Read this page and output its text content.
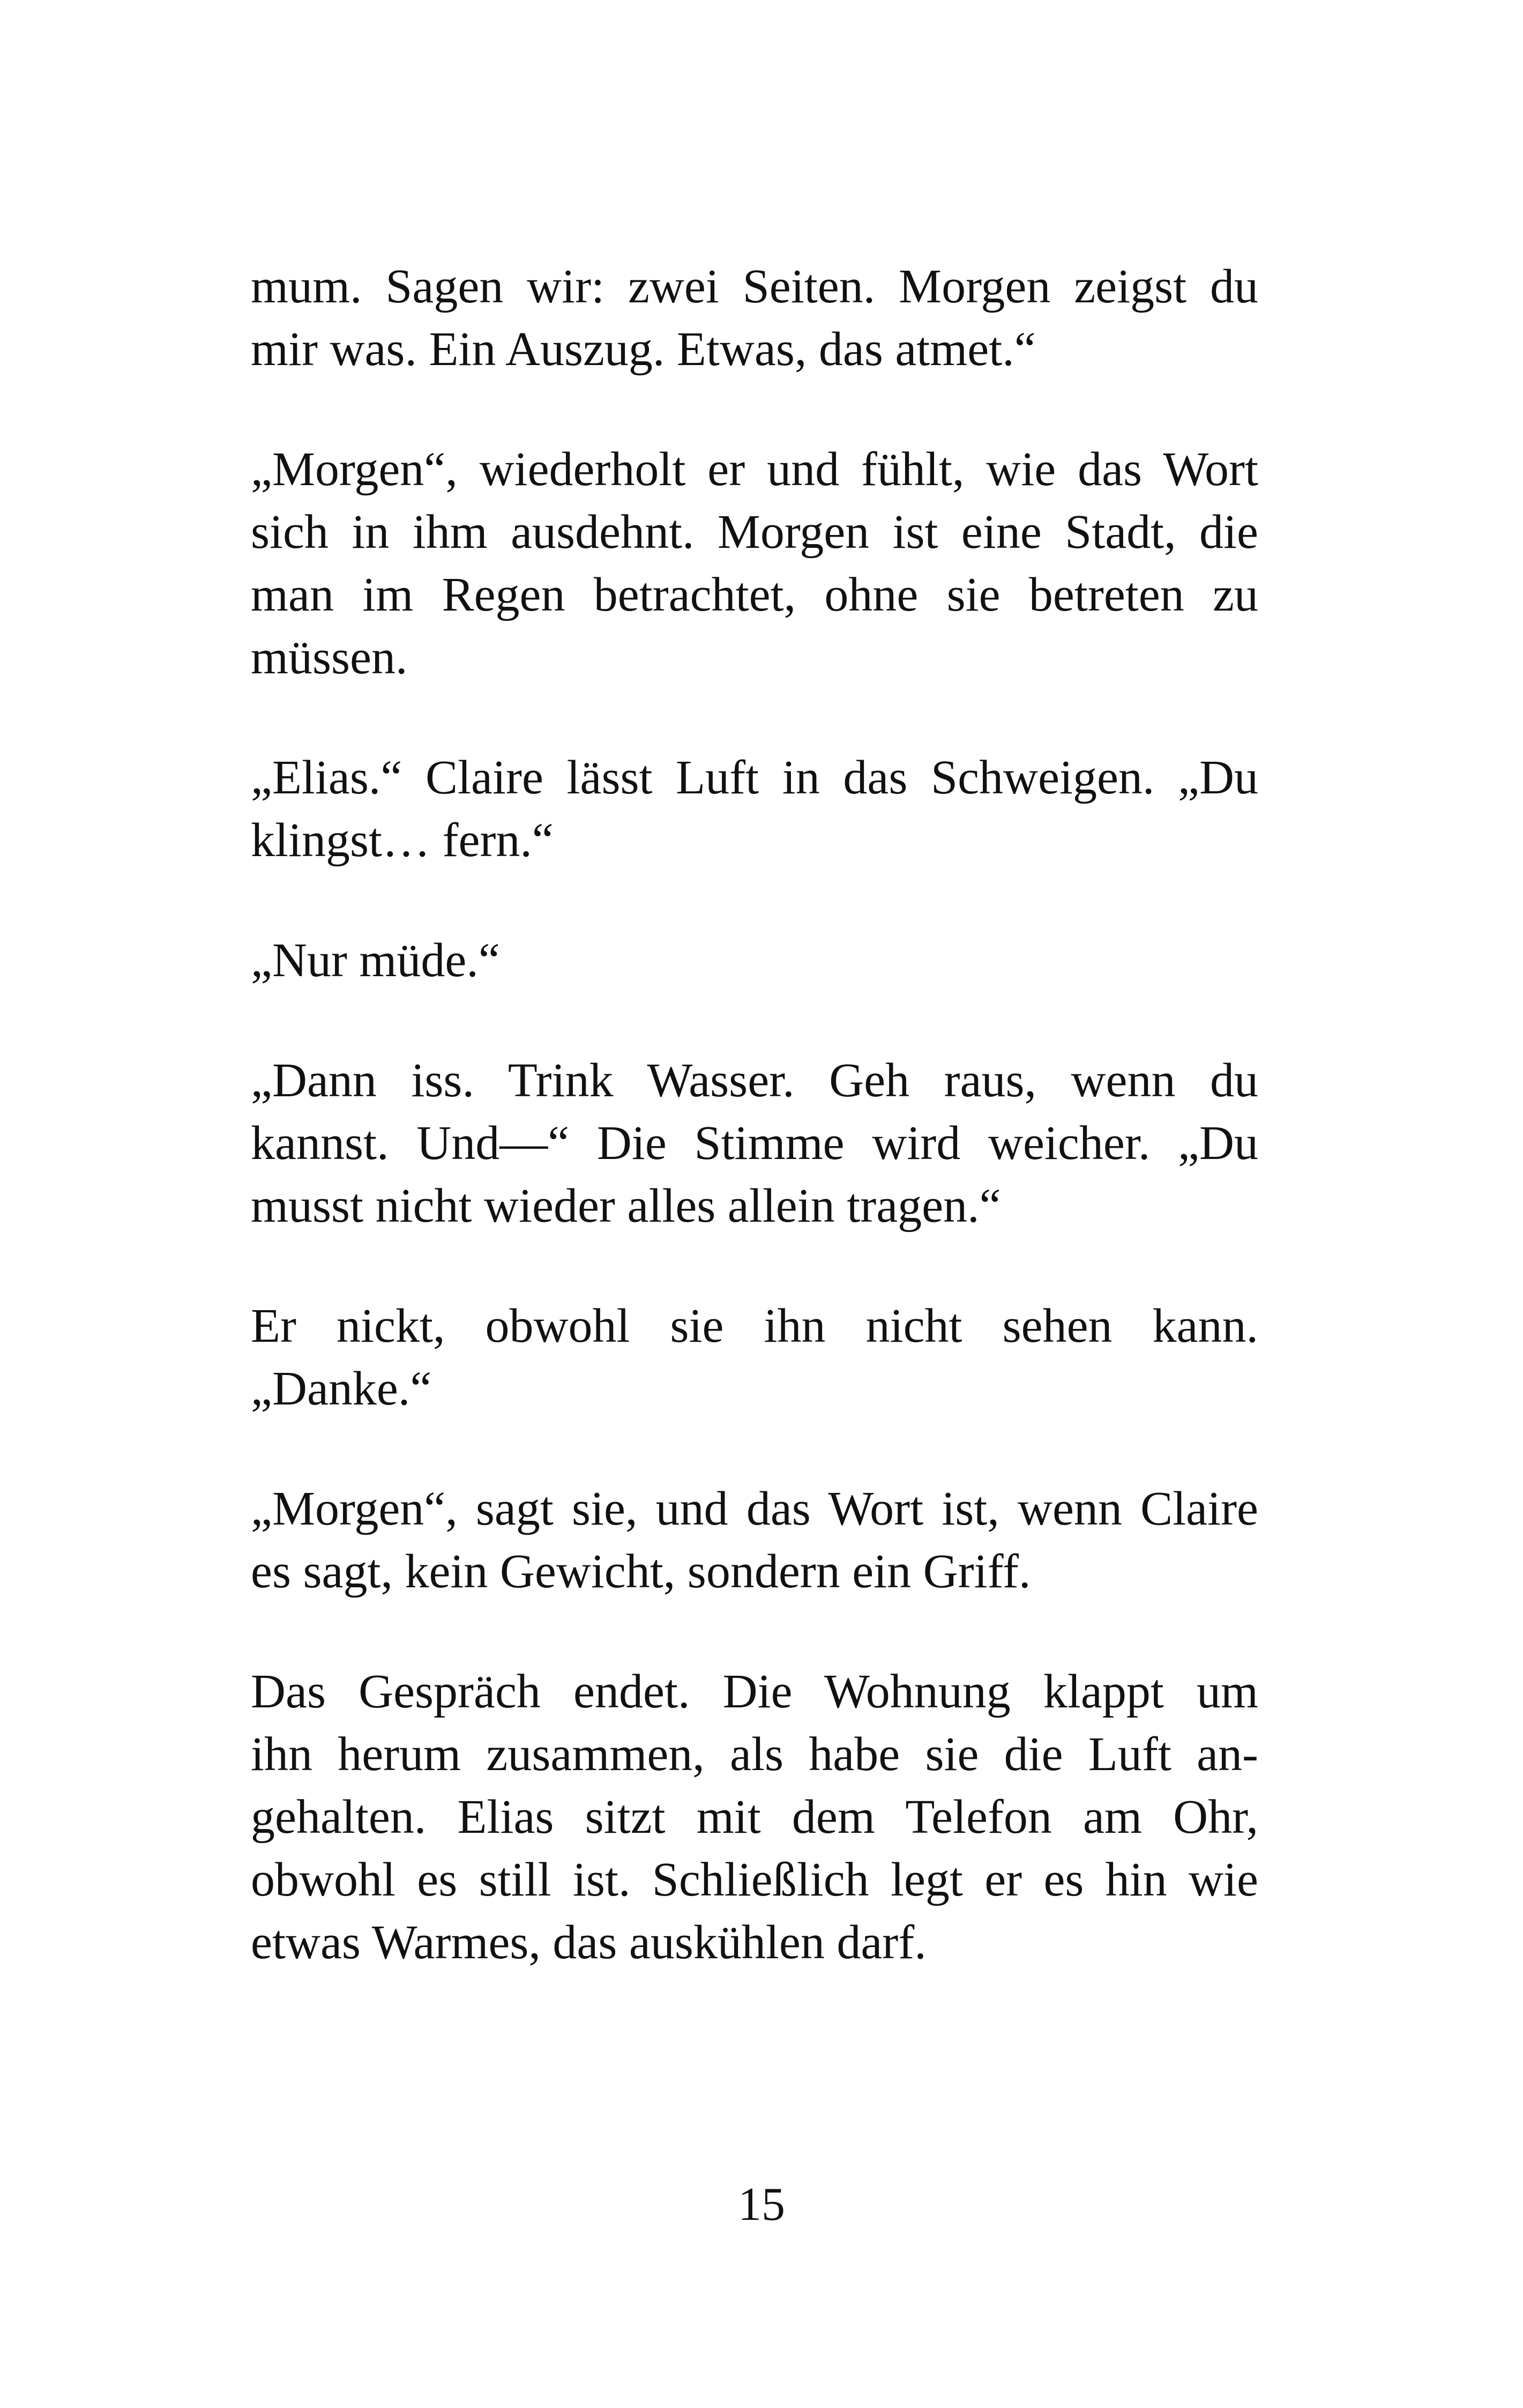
mum. Sagen wir: zwei Seiten. Morgen zeigst du
mir was. Ein Auszug. Etwas, das atmet.“

„Morgen“, wiederholt er und fühlt, wie das Wort
sich in ihm ausdehnt. Morgen ist eine Stadt, die
man im Regen betrachtet, ohne sie betreten zu
müssen.

„Elias.“ Claire lässt Luft in das Schweigen. „Du
klingst… fern.“

„Nur müde.“

„Dann iss. Trink Wasser. Geh raus, wenn du
kannst. Und—“ Die Stimme wird weicher. „Du
musst nicht wieder alles allein tragen.“

Er nickt, obwohl sie ihn nicht sehen kann.
„Danke.“

„Morgen“, sagt sie, und das Wort ist, wenn Claire
es sagt, kein Gewicht, sondern ein Griff.

Das Gespräch endet. Die Wohnung klappt um
ihn herum zusammen, als habe sie die Luft an-
gehalten. Elias sitzt mit dem Telefon am Ohr,
obwohl es still ist. Schließlich legt er es hin wie
etwas Warmes, das auskühlen darf.

15
